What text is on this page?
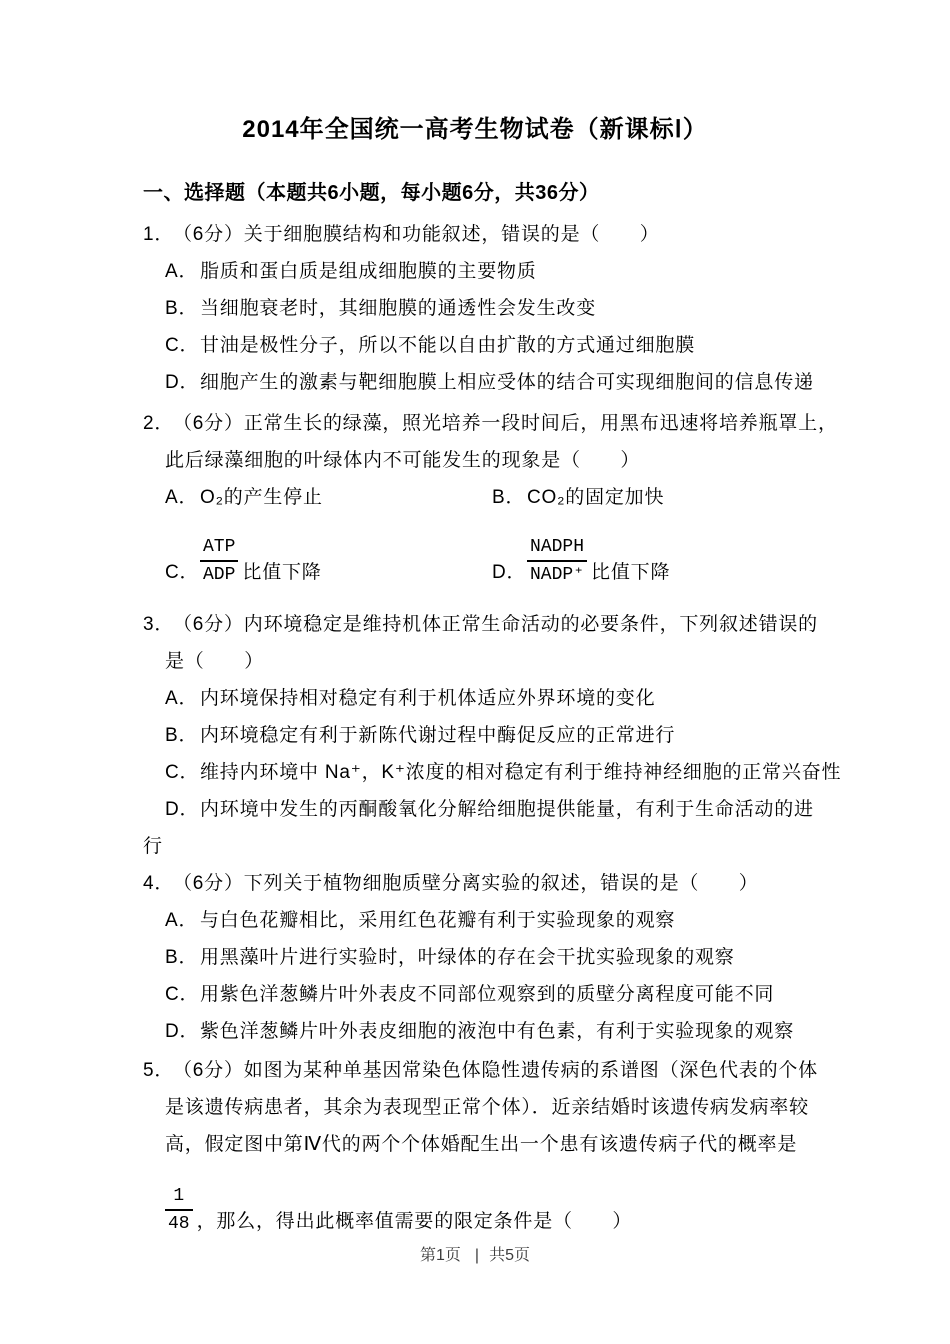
2014年全国统一高考生物试卷（新课标Ⅰ）
一、选择题（本题共6小题，每小题6分，共36分）
1．（6分）关于细胞膜结构和功能叙述，错误的是（　　）
A．脂质和蛋白质是组成细胞膜的主要物质
B．当细胞衰老时，其细胞膜的通透性会发生改变
C．甘油是极性分子，所以不能以自由扩散的方式通过细胞膜
D．细胞产生的激素与靶细胞膜上相应受体的结合可实现细胞间的信息传递
2．（6分）正常生长的绿藻，照光培养一段时间后，用黑布迅速将培养瓶罩上，
此后绿藻细胞的叶绿体内不可能发生的现象是（　　）
A．O₂的产生停止	B．CO₂的固定加快
C． $\frac{\text{ATP}}{\text{ADP}}$ 比值下降	D． $\frac{\text{NADPH}}{\text{NADP⁺}}$ 比值下降
3．（6分）内环境稳定是维持机体正常生命活动的必要条件，下列叙述错误的
是（　　）
A．内环境保持相对稳定有利于机体适应外界环境的变化
B．内环境稳定有利于新陈代谢过程中酶促反应的正常进行
C．维持内环境中 Na⁺，K⁺浓度的相对稳定有利于维持神经细胞的正常兴奋性
D．内环境中发生的丙酮酸氧化分解给细胞提供能量，有利于生命活动的进
行
4．（6分）下列关于植物细胞质壁分离实验的叙述，错误的是（　　）
A．与白色花瓣相比，采用红色花瓣有利于实验现象的观察
B．用黑藻叶片进行实验时，叶绿体的存在会干扰实验现象的观察
C．用紫色洋葱鳞片叶外表皮不同部位观察到的质壁分离程度可能不同
D．紫色洋葱鳞片叶外表皮细胞的液泡中有色素，有利于实验现象的观察
5．（6分）如图为某种单基因常染色体隐性遗传病的系谱图（深色代表的个体
是该遗传病患者，其余为表现型正常个体）．近亲结婚时该遗传病发病率较
高，假定图中第Ⅳ代的两个个体婚配生出一个患有该遗传病子代的概率是
$\frac{1}{48}$ ，那么，得出此概率值需要的限定条件是（　　）
第1页 | 共5页
